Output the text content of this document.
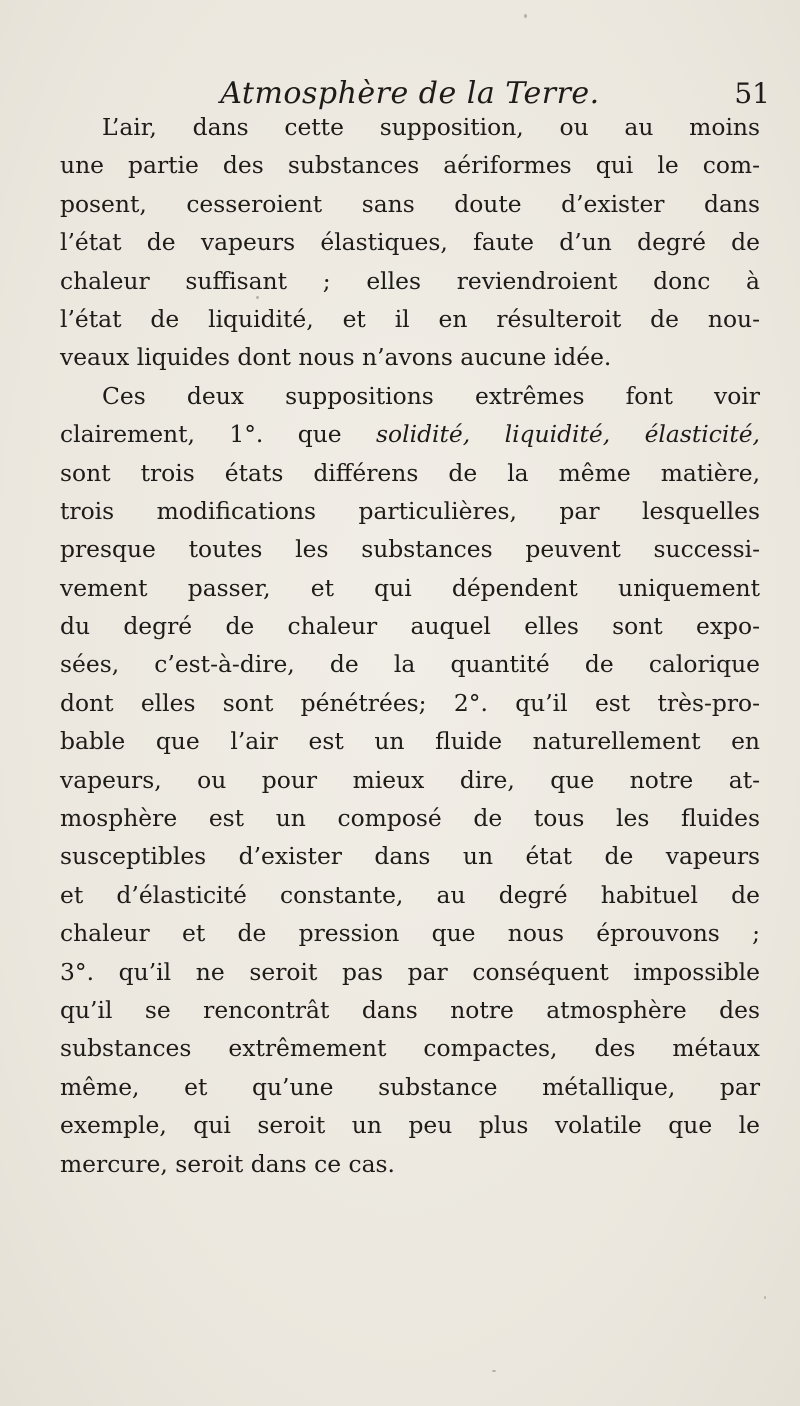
Atmosphère de la Terre.	51
L’air, dans cette supposition, ou au moins
une partie des substances aériformes qui le com-
posent, cesseroient sans doute d’exister dans
l’état de vapeurs élastiques, faute d’un degré de
chaleur suffisant ; elles reviendroient donc à
l’état de liquidité, et il en résulteroit de nou-
veaux liquides dont nous n’avons aucune idée.
Ces deux suppositions extrêmes font voir
clairement, 1°. que solidité, liquidité, élasticité,
sont trois états différens de la même matière,
trois modifications particulières, par lesquelles
presque toutes les substances peuvent successi-
vement passer, et qui dépendent uniquement
du degré de chaleur auquel elles sont expo-
sées, c’est-à-dire, de la quantité de calorique
dont elles sont pénétrées; 2°. qu’il est très-pro-
bable que l’air est un fluide naturellement en
vapeurs, ou pour mieux dire, que notre at-
mosphère est un composé de tous les fluides
susceptibles d’exister dans un état de vapeurs
et d’élasticité constante, au degré habituel de
chaleur et de pression que nous éprouvons ;
3°. qu’il ne seroit pas par conséquent impossible
qu’il se rencontrât dans notre atmosphère des
substances extrêmement compactes, des métaux
même, et qu’une substance métallique, par
exemple, qui seroit un peu plus volatile que le
mercure, seroit dans ce cas.
